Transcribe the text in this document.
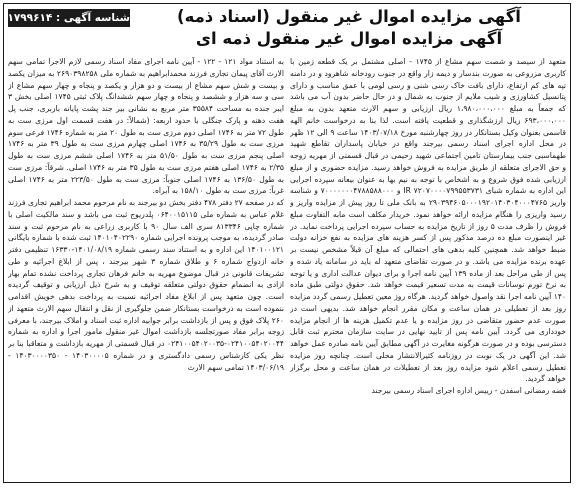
شناسه آگهی : ۱۷۹۹۶۱۴	آگهی مزایده اموال غیر منقول (اسناد ذمه)
آگهی مزایده اموال غیر منقول ذمه ای

به استناد مواد ۱۲۱ - ۱۲۲ - آیین نامه اجرای مفاد اسناد رسمی لازم الاجرا تمامی سهم الارث آقای پیمان تجاری فرزند محمدابراهیم به شماره ملی ۲۶۹۰۳۹۸۲۵۸ به میزان یکصد و بیست و شش سهم مشاع از بیست و دو هزار و یکصد و پنجاه و چهار سهم مشاع از سی و سه هزار و ششصد و پنجاه و چهار سهم ششدانگ پلاک ثبتی ۱۷۴۵ اصلی بخش ۳ ایبر جنده به مساحت ۳۵۵۸۴ متر مربع به نشانی بیر جند پشت پایانه باربری، جنب پل هفت دهنه و پارک جنگلی با حدود اربعه: (شمالاً: در هفت قسمت اول مرزی ست به طول ۷۲ متر به ۱۷۴۶ اصلی دوم مرزی ست به طول ۲۰ متر به شماره ۱۷۴۶ فرعی سوم مرزی ست به طول ۳۵/۲۹ به ۱۷۴۶ اصلی چهارم مرزی ست به طول ۳۹ متر به ۱۷۴۶ اصلی پنجم مرزی ست به طول ۵۱/۵۰ متر به ۱۷۴۶ اصلی ششم مرزی ست به طول ۲/۳۵ به ۱۷۴۶ اصلی هفتم مرزی ست به طول ۳۵ متر به ۱۷۴۶ اصلی. شرقاً: مرزی ست به طول ۱۳۶/۵۰ به ۱۷۴۶ اصلی جنوباً: مرزی ست به طول ۲۲۳/۵۰ متر به ۱۷۴۶ اصلی غرباً: مرزی ست به طول ۱۵۸/۱۰ به آبراه.

که در صفحه ۲۷ دفتر ۴۷۸ دفتر بخش دو بیرجند به نام مرحوم محمد ابراهیم تجاری فرزند غلام عباس به شماره ملی ۰۶۴۰۰۱۵۱۱۵ پلدریوج ثبت می باشد و سند مالکیت اصلی با شماره چاپی ۸۱۳۳۴۶ سری الف سال ۹۰ با کاربری زراعی به نام مرحوم ثبت و سند صادر گردیده، به موجب پرونده اجرایی شماره ۱۴۰۱۰۴۰۲۲۹۰ ثبت شده با شماره بایگانی ۱۴۰۱۰۰۱۲۱ این اداره و به استناد سند رسمی شماره ۱۴۰۱/۰۸/۱۹-۱۶۳۳۰ تنظیمی دفتر خانه ازدواج شماره ۶ و طلاق شماره ۳ شهر بیرجند ، پس از ابلاغ اجرائیه و طی تشریفات قانونی در قبال موضوع مهریه به خانم فرهان تجاری پرداخت نشده تمام بهار ازادی به انضمام حقوق دولتی متعلقه توقیف و به شرح ذیل ارزیابی و توقیف گردیده است. چون متعهد پس از ابلاغ مفاد اجرائیه نسبت به پرداخت بدهی خویش اقدامی ننموده است به درخواست بستانکار ضمن جلوگیری از نقل و انتقال سهم الارث متعهد از ۲۶۰ پلاک فوق و پس از بازداشت برابر جوابیه اداره ثبت اسناد و املاک بیرجند، با معرفی زوجه برابر مفاد صورتجلسه بازداشت اموال غیر منقول مامور اجرا و اداره به شماره ۰۲۴۱۰۰۵۴۰۲۰۰۴۴-۰۲۴۱۰۰۵۴۰۲۰۰۳۵ در قبال قسمتی از مهریه بازداشت و متعاقبا بنا بر نظر یکی کارشناس رسمی دادگستری و در شماره ۱۴۰۳۰۰۰۰۵ - ۱۴۰۳۰۰۰۰۳۵۰ - ۱۴۰۳/۰۶/۱۹ تمامی سهم الارث

متعهد از سیصد و شصت سهم مشاع از ۱۷۴۵ - اصلی مشتمل بر یک قطعه زمین با کاربری مزروعی به صورت بندسار و دیمه زار واقع در جنوب رودخانه شاهرود و در دامنه تپه های کم ارتفاع، دارای بافت خاک رسی شنی و رسی لومی با عمق مناسب و دارای پتانسیل کشاورزی و شیب ملایم از جنوب به شمال و در حال حاضر بدون آب می باشد که جمعاً به مبلغ ۱،۹۸۰،۰۰۰،۰۰۰ ریال ارزیابی و سهم الارث متعهد بدون به مبلغ ۶۹۳،۰۰۰،۰۰۰ ریال ارزشگذاری و قطعیت یافته است. لذا بنا به درخواست خانم الهه قاسمی بعنوان وکیل بستانکار در روز چهارشنبه مورخ ۱۴۰۳/۰۷/۱۸ ساعت ۹ الی ۱۲ ظهر در محل اداره اجرای اسناد رسمی بیرجند واقع در خیابان پاسداران تقاطع شهید طهماسبی جنب بیمارستان تامین اجتماعی شهید رحیمی در قبال قسمتی از مهریه زوجه و حق الاجرای متعلقه از طریق مزایده به فروش خواهد رسید. مزایده حضوری و از مبلغ ارزیابی شده فوق شروع و به اشخاص با توجه به نیم بها به عنوان بیعانه سپرده اجرایی این اداره به شماره شبای IR ۷۲۰۷۰۰۰۰۷۹۹۵۵۳۷۳۱ و ۷۰۰۰۰۰۰۰۴۷۸۸۵۸۸۰۰۰ و شناسه واریز ۲۹۰۳۹۴۶۰۵۰۰۰۱۹۲۰۱۴۰۳۰۴۰۰۰۴۷۶۵ به بانک ملی تا روز پیش از مزایده واریز و رسید واریزی را هنگام مزایده ارائه خواهد نمود. خریدار مکلف است مابه التفاوت مبلغ فروش را ظرف مدت ۵ روز از تاریخ مزایده به حساب سپرده اجرایی پرداخت نماید. در غیر اینصورت مبلغ ده درصد مذکور پس از کسر هزینه های مزایده به نفع خزانه دولت ضبط خواهد شد. همچنین کلیه بدهی های احتمالی که مبلغ آن قبلاً مشخص نیست بر عهده برنده مزایده می باشد. و در صورت تقاضای متعهد له باید در سامانه یاد شده و پس از طی مراحل بعد از ماده ۱۳۹ آیین نامه اجرا و برای دیوان عدالت اداری و یا توجه به نرخ تورم نوسانات قیمت به مدت تسعیر قیمت خواهد شد. حقوق دولتی طبق ماده ۱۴۰ آیین نامه اجرا نقد واصول خواهد گردید. هرگاه روز معین تعطیل رسمی گردد مزایده روز بعد از تعطیلی در همان ساعت و مکان مقرر انجام خواهد شد. بدیهی است در صورت عدم حضور متقاضی در روز مزایده و یا عدم تکمیل هزینه ها از انجام مزایده خودداری می گردد. آیین نامه پس از تایید نهایی در سایت سازمان محترم ثبت قابل دسترسی بوده و در صورت هرگونه مغایرت در آگهی مطابق آیین نامه صادره عمل خواهد شد. این آگهی در یک نوبت در روزنامه کثیرالانتشار محلی است. چنانچه روز مزایده تعطیل رسمی اعلام شود مزایده روز بعد از تعطیلات در همان ساعت و محل برگزار خواهد گردید.

فضه رمضانی اسفدن - رییس اداره اجرای اسناد رسمی بیرجند
